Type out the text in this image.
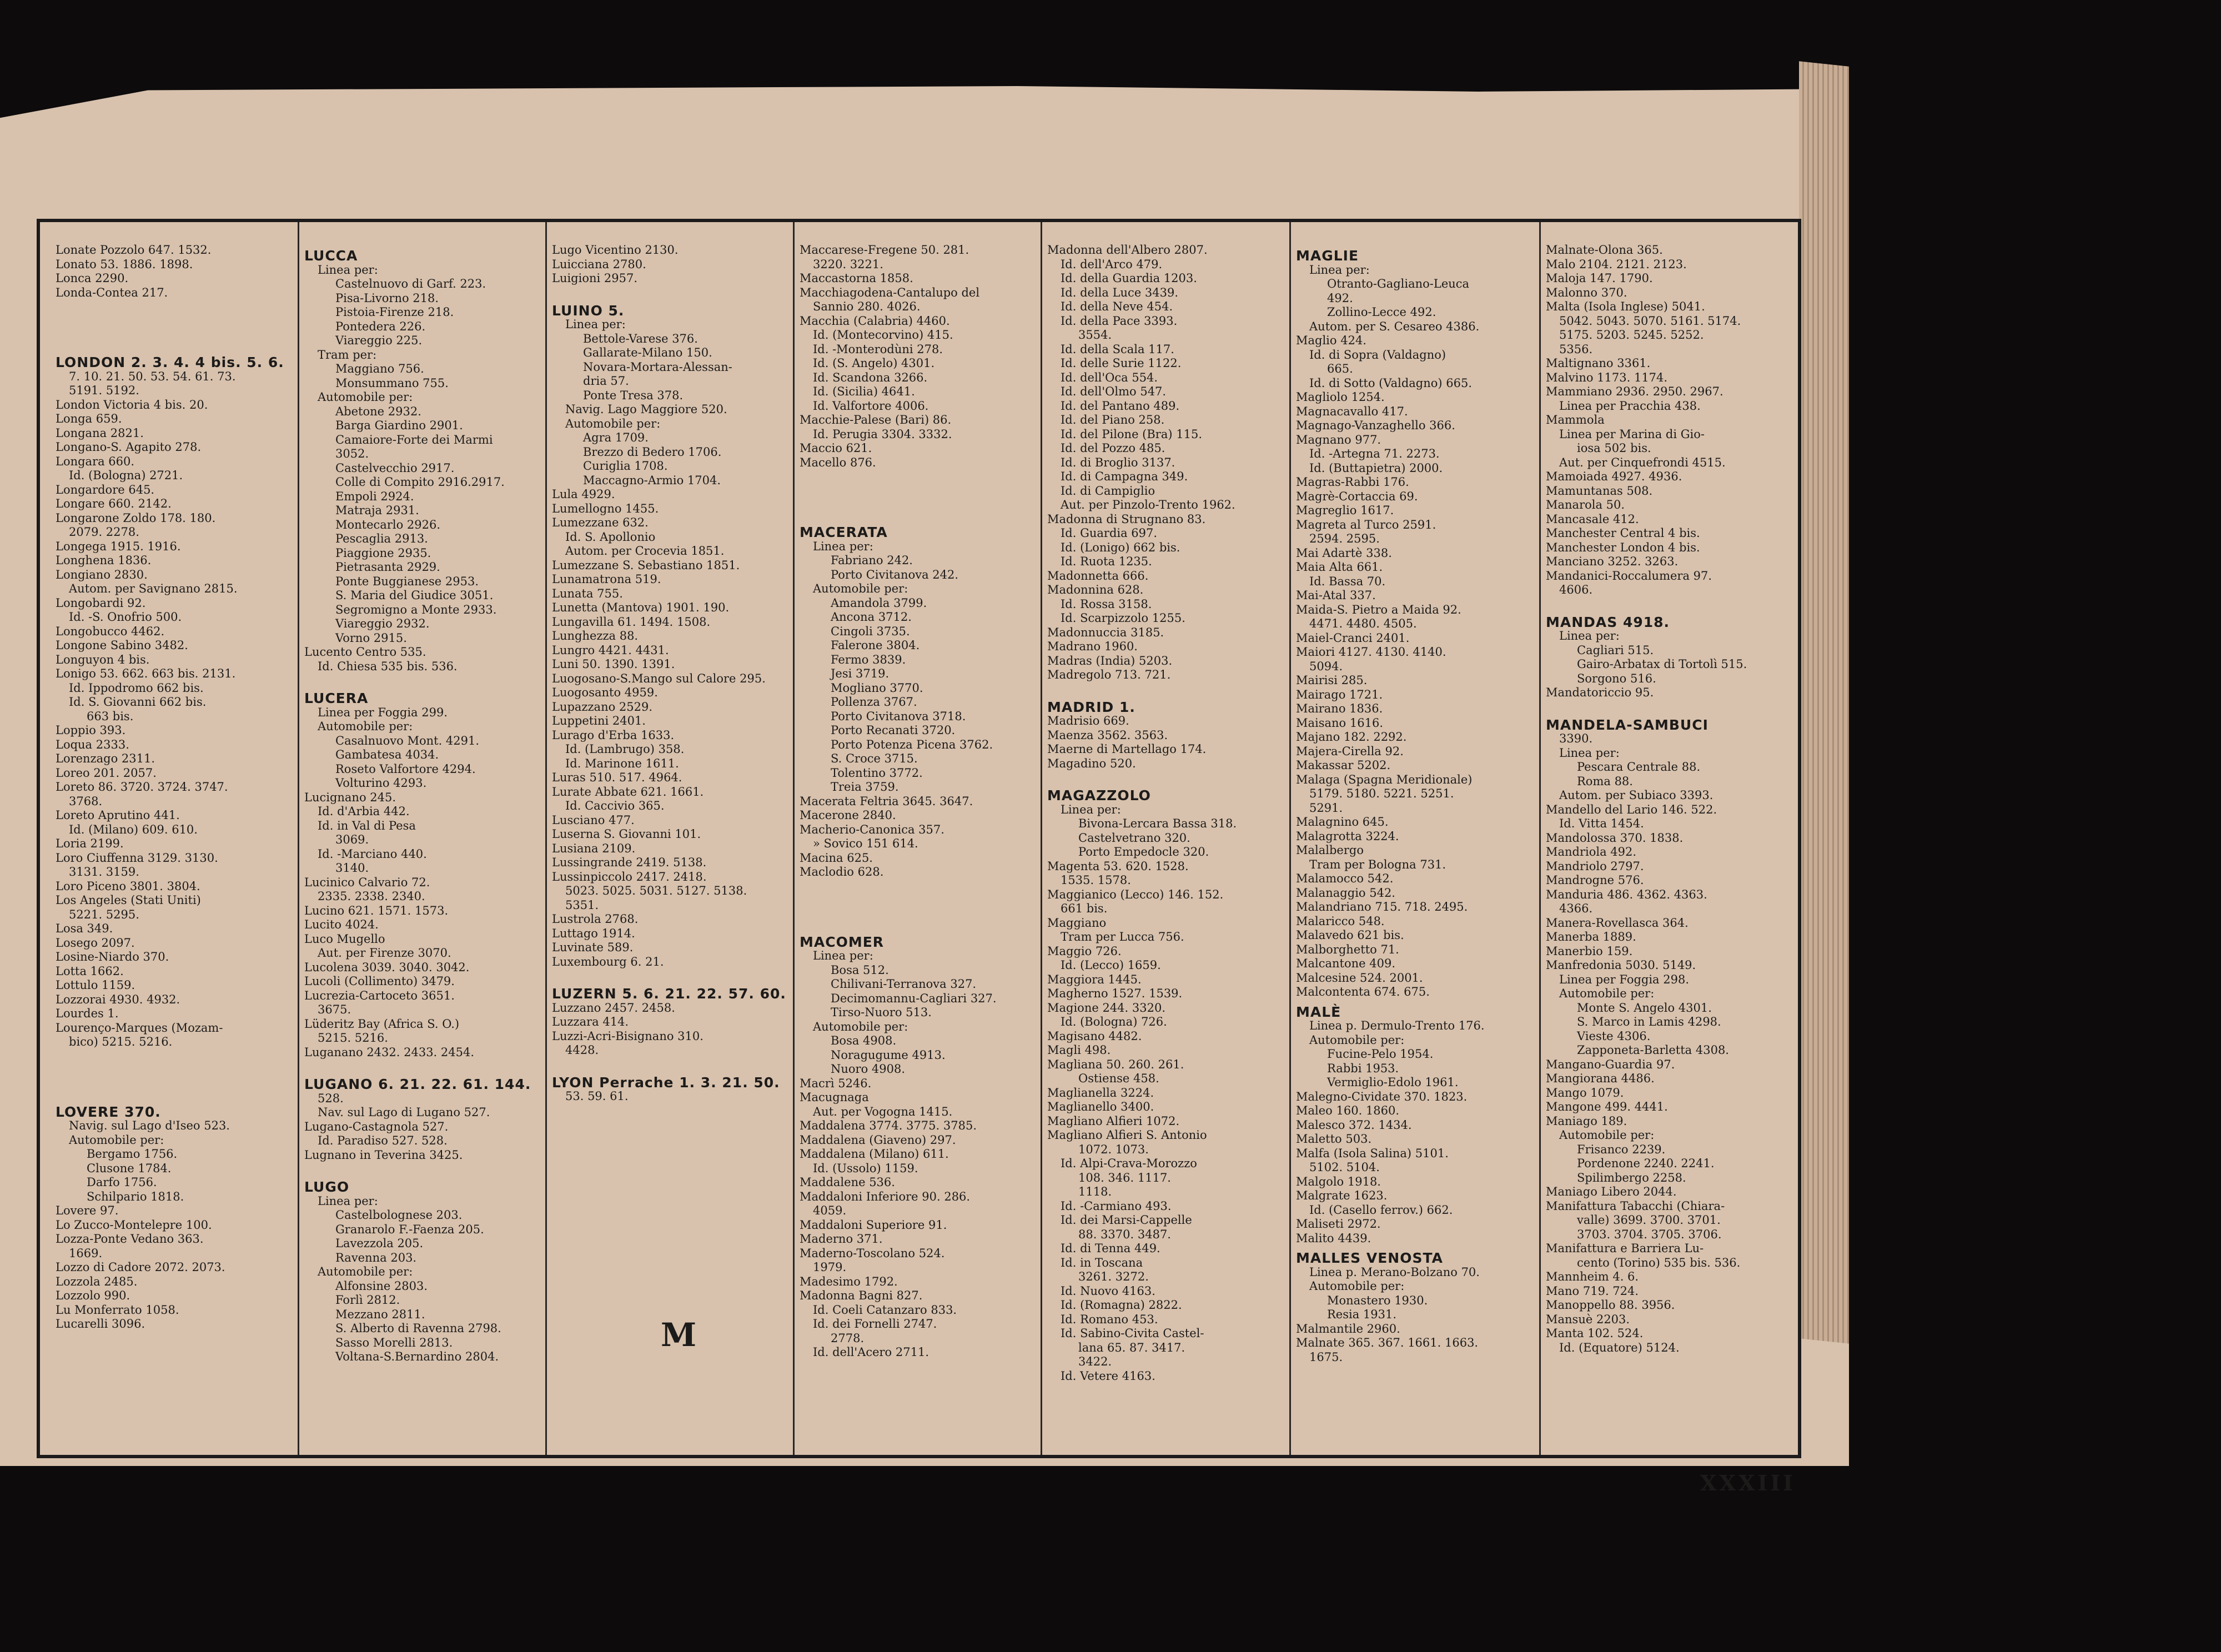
Lonate Pozzolo 647. 1532.
Lonato 53. 1886. 1898.
Lonca 2290.
Londa-Contea 217.
LONDON 2. 3. 4. 4 bis. 5. 6.
7. 10. 21. 50. 53. 54. 61. 73.
5191. 5192.
London Victoria 4 bis. 20.
Longa 659.
Longana 2821.
Longano-S. Agapito 278.
Longara 660.
Id. (Bologna) 2721.
Longardore 645.
Longare 660. 2142.
Longarone Zoldo 178. 180.
2079. 2278.
Longega 1915. 1916.
Longhena 1836.
Longiano 2830.
Autom. per Savignano 2815.
Longobardi 92.
Id. -S. Onofrio 500.
Longobucco 4462.
Longone Sabino 3482.
Longuyon 4 bis.
Lonigo 53. 662. 663 bis. 2131.
Id. Ippodromo 662 bis.
Id. S. Giovanni 662 bis.
663 bis.
Loppio 393.
Loqua 2333.
Lorenzago 2311.
Loreo 201. 2057.
Loreto 86. 3720. 3724. 3747.
3768.
Loreto Aprutino 441.
Id. (Milano) 609. 610.
Loria 2199.
Loro Ciuffenna 3129. 3130.
3131. 3159.
Loro Piceno 3801. 3804.
Los Angeles (Stati Uniti)
5221. 5295.
Losa 349.
Losego 2097.
Losine-Niardo 370.
Lotta 1662.
Lottulo 1159.
Lozzorai 4930. 4932.
Lourdes 1.
Lourenço-Marques (Mozam-
bico) 5215. 5216.
LOVERE 370.
Navig. sul Lago d'Iseo 523.
Automobile per:
Bergamo 1756.
Clusone 1784.
Darfo 1756.
Schilpario 1818.
Lovere 97.
Lo Zucco-Montelepre 100.
Lozza-Ponte Vedano 363.
1669.
Lozzo di Cadore 2072. 2073.
Lozzola 2485.
Lozzolo 990.
Lu Monferrato 1058.
Lucarelli 3096.
LUCCA
Linea per:
Castelnuovo di Garf. 223.
Pisa-Livorno 218.
Pistoia-Firenze 218.
Pontedera 226.
Viareggio 225.
Tram per:
Maggiano 756.
Monsummano 755.
Automobile per:
Abetone 2932.
Barga Giardino 2901.
Camaiore-Forte dei Marmi
3052.
Castelvecchio 2917.
Colle di Compito 2916.2917.
Empoli 2924.
Matraja 2931.
Montecarlo 2926.
Pescaglia 2913.
Piaggione 2935.
Pietrasanta 2929.
Ponte Buggianese 2953.
S. Maria del Giudice 3051.
Segromigno a Monte 2933.
Viareggio 2932.
Vorno 2915.
Lucento Centro 535.
Id. Chiesa 535 bis. 536.
LUCERA
Linea per Foggia 299.
Automobile per:
Casalnuovo Mont. 4291.
Gambatesa 4034.
Roseto Valfortore 4294.
Volturino 4293.
Lucignano 245.
Id. d'Arbia 442.
Id. in Val di Pesa
3069.
Id. -Marciano 440.
3140.
Lucinico Calvario 72.
2335. 2338. 2340.
Lucino 621. 1571. 1573.
Lucito 4024.
Luco Mugello
Aut. per Firenze 3070.
Lucolena 3039. 3040. 3042.
Lucoli (Collimento) 3479.
Lucrezia-Cartoceto 3651.
3675.
Lüderitz Bay (Africa S. O.)
5215. 5216.
Luganano 2432. 2433. 2454.
LUGANO 6. 21. 22. 61. 144.
528.
Nav. sul Lago di Lugano 527.
Lugano-Castagnola 527.
Id. Paradiso 527. 528.
Lugnano in Teverina 3425.
LUGO
Linea per:
Castelbolognese 203.
Granarolo F.-Faenza 205.
Lavezzola 205.
Ravenna 203.
Automobile per:
Alfonsine 2803.
Forlì 2812.
Mezzano 2811.
S. Alberto di Ravenna 2798.
Sasso Morelli 2813.
Voltana-S.Bernardino 2804.
Lugo Vicentino 2130.
Luicciana 2780.
Luigioni 2957.
LUINO 5.
Linea per:
Bettole-Varese 376.
Gallarate-Milano 150.
Novara-Mortara-Alessan-
dria 57.
Ponte Tresa 378.
Navig. Lago Maggiore 520.
Automobile per:
Agra 1709.
Brezzo di Bedero 1706.
Curiglia 1708.
Maccagno-Armio 1704.
Lula 4929.
Lumellogno 1455.
Lumezzane 632.
Id. S. Apollonio
Autom. per Crocevia 1851.
Lumezzane S. Sebastiano 1851.
Lunamatrona 519.
Lunata 755.
Lunetta (Mantova) 1901. 190.
Lungavilla 61. 1494. 1508.
Lunghezza 88.
Lungro 4421. 4431.
Luni 50. 1390. 1391.
Luogosano-S.Mango sul Calore 295.
Luogosanto 4959.
Lupazzano 2529.
Luppetini 2401.
Lurago d'Erba 1633.
Id. (Lambrugo) 358.
Id. Marinone 1611.
Luras 510. 517. 4964.
Lurate Abbate 621. 1661.
Id. Caccivio 365.
Lusciano 477.
Luserna S. Giovanni 101.
Lusiana 2109.
Lussingrande 2419. 5138.
Lussinpiccolo 2417. 2418.
5023. 5025. 5031. 5127. 5138.
5351.
Lustrola 2768.
Luttago 1914.
Luvinate 589.
Luxembourg 6. 21.
LUZERN 5. 6. 21. 22. 57. 60.
Luzzano 2457. 2458.
Luzzara 414.
Luzzi-Acri-Bisignano 310.
4428.
LYON Perrache 1. 3. 21. 50.
53. 59. 61.
Maccarese-Fregene 50. 281.
3220. 3221.
Maccastorna 1858.
Macchiagodena-Cantalupo del
Sannio 280. 4026.
Macchia (Calabria) 4460.
Id. (Montecorvino) 415.
Id. -Monterodùni 278.
Id. (S. Angelo) 4301.
Id. Scandona 3266.
Id. (Sicilia) 4641.
Id. Valfortore 4006.
Macchie-Palese (Bari) 86.
Id. Perugia 3304. 3332.
Maccio 621.
Macello 876.
MACERATA
Linea per:
Fabriano 242.
Porto Civitanova 242.
Automobile per:
Amandola 3799.
Ancona 3712.
Cingoli 3735.
Falerone 3804.
Fermo 3839.
Jesi 3719.
Mogliano 3770.
Pollenza 3767.
Porto Civitanova 3718.
Porto Recanati 3720.
Porto Potenza Picena 3762.
S. Croce 3715.
Tolentino 3772.
Treia 3759.
Macerata Feltria 3645. 3647.
Macerone 2840.
Macherio-Canonica 357.
» Sovico 151 614.
Macina 625.
Maclodio 628.
MACOMER
Linea per:
Bosa 512.
Chilivani-Terranova 327.
Decimomannu-Cagliari 327.
Tirso-Nuoro 513.
Automobile per:
Bosa 4908.
Noragugume 4913.
Nuoro 4908.
Macrì 5246.
Macugnaga
Aut. per Vogogna 1415.
Maddalena 3774. 3775. 3785.
Maddalena (Giaveno) 297.
Maddalena (Milano) 611.
Id. (Ussolo) 1159.
Maddalene 536.
Maddaloni Inferiore 90. 286.
4059.
Maddaloni Superiore 91.
Maderno 371.
Maderno-Toscolano 524.
1979.
Madesimo 1792.
Madonna Bagni 827.
Id. Coeli Catanzaro 833.
Id. dei Fornelli 2747.
2778.
Id. dell'Acero 2711.
Madonna dell'Albero 2807.
Id. dell'Arco 479.
Id. della Guardia 1203.
Id. della Luce 3439.
Id. della Neve 454.
Id. della Pace 3393.
3554.
Id. della Scala 117.
Id. delle Surie 1122.
Id. dell'Oca 554.
Id. dell'Olmo 547.
Id. del Pantano 489.
Id. del Piano 258.
Id. del Pilone (Bra) 115.
Id. del Pozzo 485.
Id. di Broglio 3137.
Id. di Campagna 349.
Id. di Campiglio
Aut. per Pinzolo-Trento 1962.
Madonna di Strugnano 83.
Id. Guardia 697.
Id. (Lonigo) 662 bis.
Id. Ruota 1235.
Madonnetta 666.
Madonnina 628.
Id. Rossa 3158.
Id. Scarpizzolo 1255.
Madonnuccia 3185.
Madrano 1960.
Madras (India) 5203.
Madregolo 713. 721.
MADRID 1.
Madrisio 669.
Maenza 3562. 3563.
Maerne di Martellago 174.
Magadino 520.
MAGAZZOLO
Linea per:
Bivona-Lercara Bassa 318.
Castelvetrano 320.
Porto Empedocle 320.
Magenta 53. 620. 1528.
1535. 1578.
Maggianico (Lecco) 146. 152.
661 bis.
Maggiano
Tram per Lucca 756.
Maggio 726.
Id. (Lecco) 1659.
Maggiora 1445.
Magherno 1527. 1539.
Magione 244. 3320.
Id. (Bologna) 726.
Magisano 4482.
Magli 498.
Magliana 50. 260. 261.
Ostiense 458.
Maglianella 3224.
Maglianello 3400.
Magliano Alfieri 1072.
Magliano Alfieri S. Antonio
1072. 1073.
Id. Alpi-Crava-Morozzo
108. 346. 1117.
1118.
Id. -Carmiano 493.
Id. dei Marsi-Cappelle
88. 3370. 3487.
Id. di Tenna 449.
Id. in Toscana
3261. 3272.
Id. Nuovo 4163.
Id. (Romagna) 2822.
Id. Romano 453.
Id. Sabino-Civita Castel-
lana 65. 87. 3417.
3422.
Id. Vetere 4163.
MAGLIE
Linea per:
Otranto-Gagliano-Leuca
492.
Zollino-Lecce 492.
Autom. per S. Cesareo 4386.
Maglio 424.
Id. di Sopra (Valdagno)
665.
Id. di Sotto (Valdagno) 665.
Magliolo 1254.
Magnacavallo 417.
Magnago-Vanzaghello 366.
Magnano 977.
Id. -Artegna 71. 2273.
Id. (Buttapietra) 2000.
Magras-Rabbi 176.
Magrè-Cortaccia 69.
Magreglio 1617.
Magreta al Turco 2591.
2594. 2595.
Mai Adartè 338.
Maia Alta 661.
Id. Bassa 70.
Mai-Atal 337.
Maida-S. Pietro a Maida 92.
4471. 4480. 4505.
Maiel-Cranci 2401.
Maiori 4127. 4130. 4140.
5094.
Mairisi 285.
Mairago 1721.
Mairano 1836.
Maisano 1616.
Majano 182. 2292.
Majera-Cirella 92.
Makassar 5202.
Malaga (Spagna Meridionale)
5179. 5180. 5221. 5251.
5291.
Malagnino 645.
Malagrotta 3224.
Malalbergo
Tram per Bologna 731.
Malamocco 542.
Malanaggio 542.
Malandriano 715. 718. 2495.
Malaricco 548.
Malavedo 621 bis.
Malborghetto 71.
Malcantone 409.
Malcesine 524. 2001.
Malcontenta 674. 675.
MALÈ
Linea p. Dermulo-Trento 176.
Automobile per:
Fucine-Pelo 1954.
Rabbi 1953.
Vermiglio-Edolo 1961.
Malegno-Cividate 370. 1823.
Maleo 160. 1860.
Malesco 372. 1434.
Maletto 503.
Malfa (Isola Salina) 5101.
5102. 5104.
Malgolo 1918.
Malgrate 1623.
Id. (Casello ferrov.) 662.
Maliseti 2972.
Malito 4439.
MALLES VENOSTA
Linea p. Merano-Bolzano 70.
Automobile per:
Monastero 1930.
Resia 1931.
Malmantile 2960.
Malnate 365. 367. 1661. 1663.
1675.
Malnate-Olona 365.
Malo 2104. 2121. 2123.
Maloja 147. 1790.
Malonno 370.
Malta (Isola Inglese) 5041.
5042. 5043. 5070. 5161. 5174.
5175. 5203. 5245. 5252.
5356.
Maltignano 3361.
Malvino 1173. 1174.
Mammiano 2936. 2950. 2967.
Linea per Pracchia 438.
Mammola
Linea per Marina di Gio-
iosa 502 bis.
Aut. per Cinquefrondi 4515.
Mamoiada 4927. 4936.
Mamuntanas 508.
Manarola 50.
Mancasale 412.
Manchester Central 4 bis.
Manchester London 4 bis.
Manciano 3252. 3263.
Mandanici-Roccalumera 97.
4606.
MANDAS 4918.
Linea per:
Cagliari 515.
Gairo-Arbatax di Tortolì 515.
Sorgono 516.
Mandatoriccio 95.
MANDELA-SAMBUCI
3390.
Linea per:
Pescara Centrale 88.
Roma 88.
Autom. per Subiaco 3393.
Mandello del Lario 146. 522.
Id. Vitta 1454.
Mandolossa 370. 1838.
Mandriola 492.
Mandriolo 2797.
Mandrogne 576.
Manduria 486. 4362. 4363.
4366.
Manera-Rovellasca 364.
Manerba 1889.
Manerbio 159.
Manfredonia 5030. 5149.
Linea per Foggia 298.
Automobile per:
Monte S. Angelo 4301.
S. Marco in Lamis 4298.
Vieste 4306.
Zapponeta-Barletta 4308.
Mangano-Guardia 97.
Mangiorana 4486.
Mango 1079.
Mangone 499. 4441.
Maniago 189.
Automobile per:
Frisanco 2239.
Pordenone 2240. 2241.
Spilimbergo 2258.
Maniago Libero 2044.
Manifattura Tabacchi (Chiara-
valle) 3699. 3700. 3701.
3703. 3704. 3705. 3706.
Manifattura e Barriera Lu-
cento (Torino) 535 bis. 536.
Mannheim 4. 6.
Mano 719. 724.
Manoppello 88. 3956.
Mansuè 2203.
Manta 102. 524.
Id. (Equatore) 5124.
M
XXXIII
